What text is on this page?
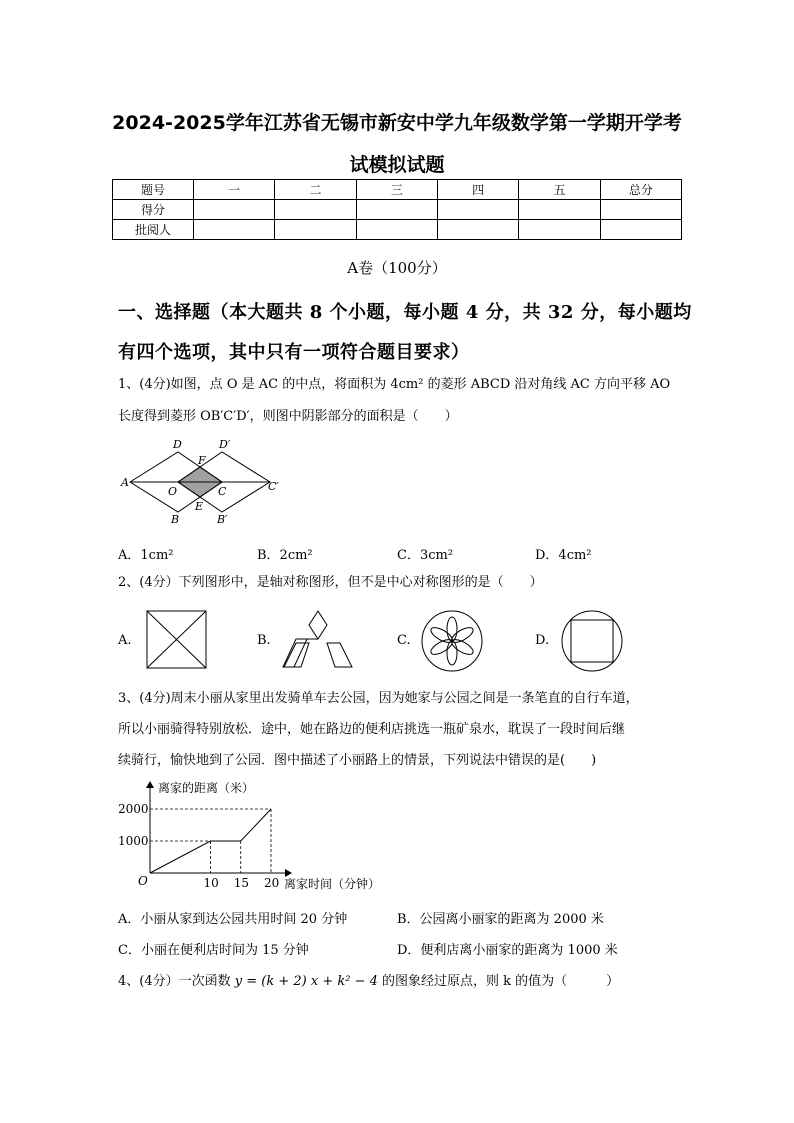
2024-2025学年江苏省无锡市新安中学九年级数学第一学期开学考
试模拟试题
题号	一	二	三	四	五	总分
得分						
批阅人						
A卷（100分）
一、选择题（本大题共 8 个小题，每小题 4 分，共 32 分，每小题均
有四个选项，其中只有一项符合题目要求）
1、(4分)如图，点 O 是 AC 的中点，将面积为 4cm² 的菱形 ABCD 沿对角线 AC 方向平移 AO
长度得到菱形 OB′C′D′，则图中阴影部分的面积是（　　）
A
D	D′
F
O	C	C′
E
B	B′
A．1cm²	B．2cm²	C．3cm²	D．4cm²
2、(4分）下列图形中，是轴对称图形，但不是中心对称图形的是（　　）
A.	B.	C.	D.
3、(4分)周末小丽从家里出发骑单车去公园，因为她家与公园之间是一条笔直的自行车道，
所以小丽骑得特别放松．途中，她在路边的便利店挑选一瓶矿泉水，耽误了一段时间后继
续骑行，愉快地到了公园．图中描述了小丽路上的情景，下列说法中错误的是(　　)
离家的距离（米）
离家时间（分钟）
O	10 15 20
1000
2000
A．小丽从家到达公园共用时间 20 分钟	B．公园离小丽家的距离为 2000 米
C．小丽在便利店时间为 15 分钟	D．便利店离小丽家的距离为 1000 米
4、(4分）一次函数 y = (k + 2) x + k² − 4 的图象经过原点，则 k 的值为（　　　）
